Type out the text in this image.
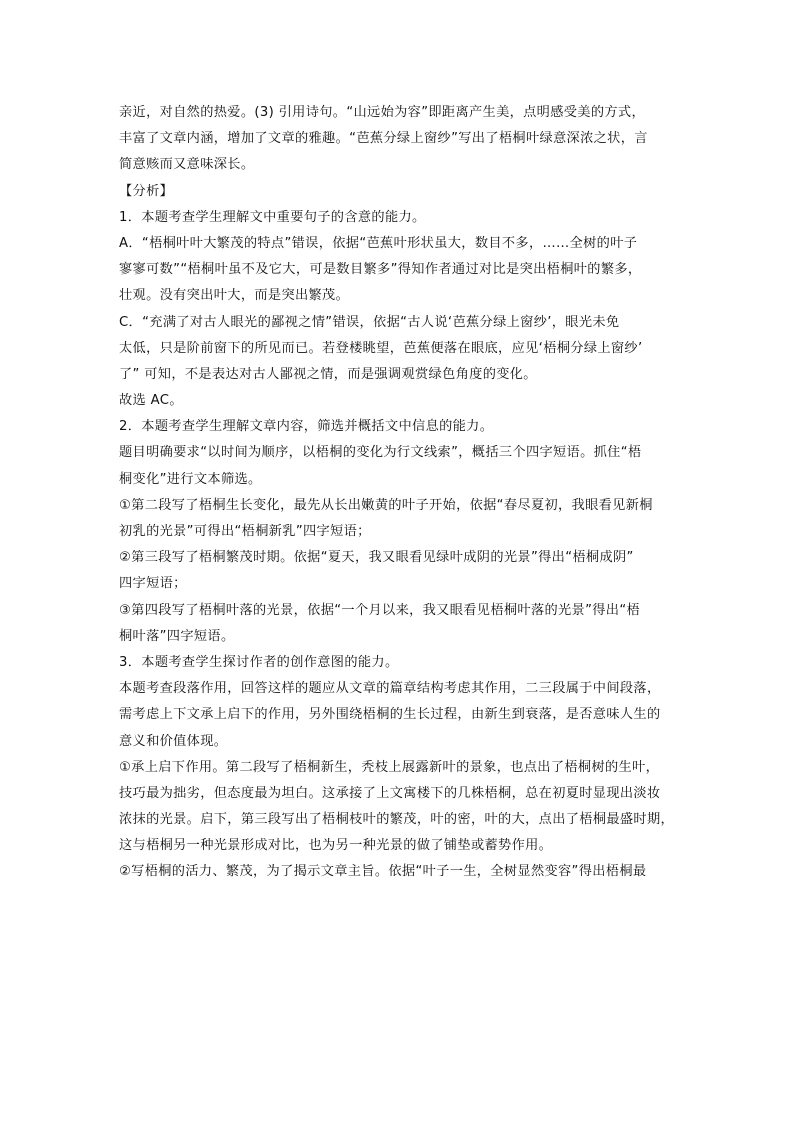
亲近，对自然的热爱。(3) 引用诗句。“山远始为容”即距离产生美，点明感受美的方式，
丰富了文章内涵，增加了文章的雅趣。“芭蕉分绿上窗纱”写出了梧桐叶绿意深浓之状，言
简意赅而又意味深长。
【分析】
1．本题考查学生理解文中重要句子的含意的能力。
A．“梧桐叶叶大繁茂的特点”错误，依据“芭蕉叶形状虽大，数目不多，……全树的叶子
寥寥可数”“梧桐叶虽不及它大，可是数目繁多”得知作者通过对比是突出梧桐叶的繁多，
壮观。没有突出叶大，而是突出繁茂。
C．“充满了对古人眼光的鄙视之情”错误，依据“古人说‘芭蕉分绿上窗纱’，眼光未免
太低，只是阶前窗下的所见而已。若登楼眺望，芭蕉便落在眼底，应见‘梧桐分绿上窗纱’
了” 可知，不是表达对古人鄙视之情，而是强调观赏绿色角度的变化。
故选 AC。
2．本题考查学生理解文章内容，筛选并概括文中信息的能力。
题目明确要求“以时间为顺序，以梧桐的变化为行文线索”，概括三个四字短语。抓住“梧
桐变化”进行文本筛选。
①第二段写了梧桐生长变化，最先从长出嫩黄的叶子开始，依据“春尽夏初，我眼看见新桐
初乳的光景”可得出“梧桐新乳”四字短语；
②第三段写了梧桐繁茂时期。依据“夏天，我又眼看见绿叶成阴的光景”得出“梧桐成阴”
四字短语；
③第四段写了梧桐叶落的光景，依据“一个月以来，我又眼看见梧桐叶落的光景”得出“梧
桐叶落”四字短语。
3．本题考查学生探讨作者的创作意图的能力。
本题考查段落作用，回答这样的题应从文章的篇章结构考虑其作用，二三段属于中间段落，
需考虑上下文承上启下的作用，另外围绕梧桐的生长过程，由新生到衰落，是否意味人生的
意义和价值体现。
①承上启下作用。第二段写了梧桐新生，秃枝上展露新叶的景象，也点出了梧桐树的生叶，
技巧最为拙劣，但态度最为坦白。这承接了上文寓楼下的几株梧桐，总在初夏时显现出淡妆
浓抹的光景。启下，第三段写出了梧桐枝叶的繁茂，叶的密，叶的大，点出了梧桐最盛时期，
这与梧桐另一种光景形成对比，也为另一种光景的做了铺垫或蓄势作用。
②写梧桐的活力、繁茂，为了揭示文章主旨。依据“叶子一生，全树显然变容”得出梧桐最
